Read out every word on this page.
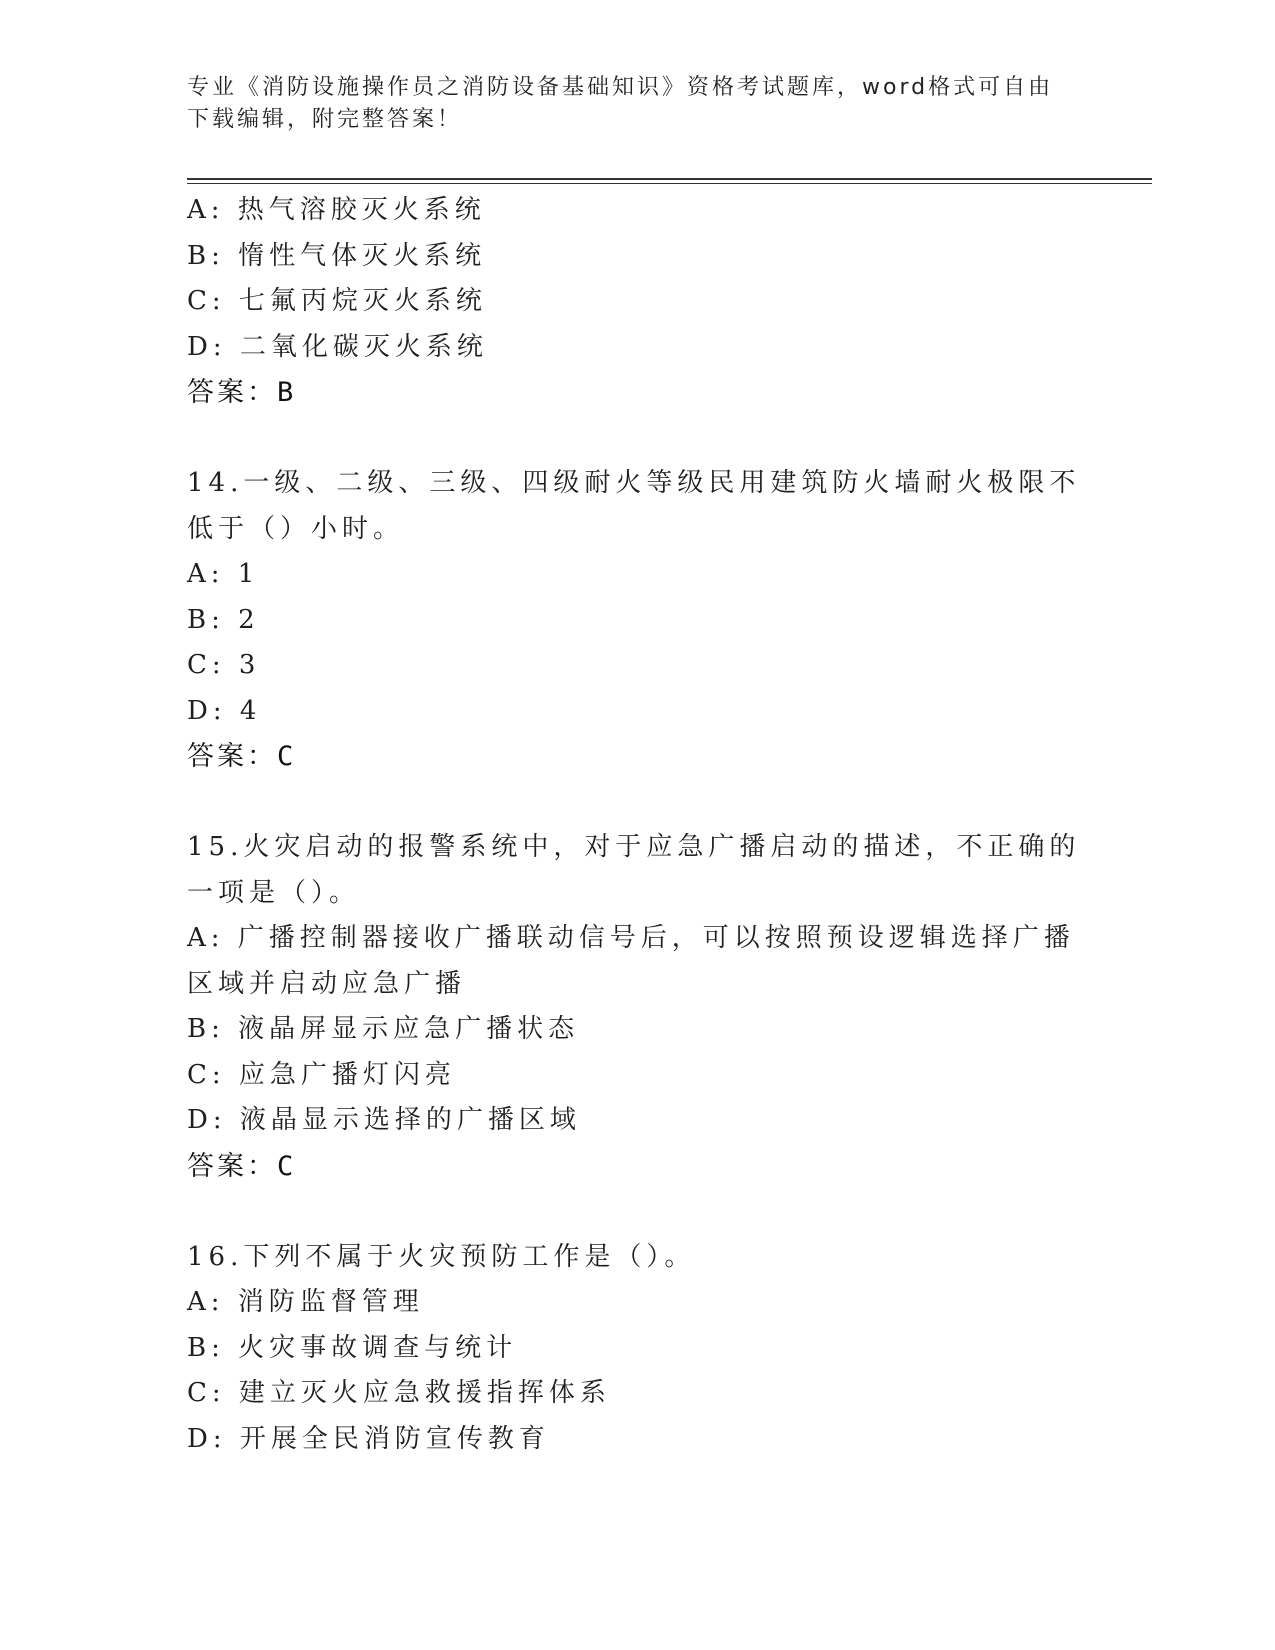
专业《消防设施操作员之消防设备基础知识》资格考试题库，word格式可自由下载编辑，附完整答案！
A: 热气溶胶灭火系统
B: 惰性气体灭火系统
C: 七氟丙烷灭火系统
D: 二氧化碳灭火系统
答案：B
14.一级、二级、三级、四级耐火等级民用建筑防火墙耐火极限不低于（）小时。
A: 1
B: 2
C: 3
D: 4
答案：C
15.火灾启动的报警系统中，对于应急广播启动的描述，不正确的一项是（）。
A: 广播控制器接收广播联动信号后，可以按照预设逻辑选择广播区域并启动应急广播
B: 液晶屏显示应急广播状态
C: 应急广播灯闪亮
D: 液晶显示选择的广播区域
答案：C
16.下列不属于火灾预防工作是（）。
A: 消防监督管理
B: 火灾事故调查与统计
C: 建立灭火应急救援指挥体系
D: 开展全民消防宣传教育
